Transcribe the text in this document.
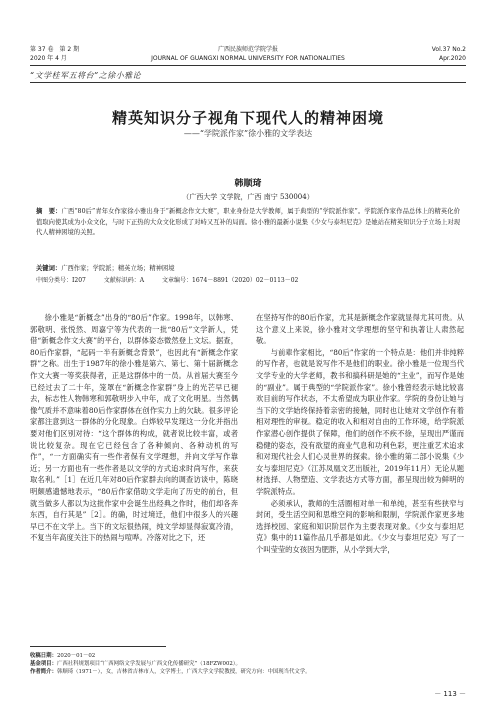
第 37 卷　第 2 期	广西民族师范学院学报	Vol.37 No.2
2020 年 4 月	JOURNAL OF GUANGXI NORMAL UNIVERSITY FOR NATIONALITIES	Apr.2020
“文学桂军五将台”之徐小雅论
精英知识分子视角下现代人的精神困境
——“学院派作家”徐小雅的文学表达
韩顺琦
（广西大学 文学院，广西 南宁 530004）
摘　要：广西“80后”青年女作家徐小雅出身于“新概念作文大赛”，职业身份是大学教师，属于典型的“学院派作家”。学院派作家作品总体上的精英化价值取向使其成为小众文化，与时下正热的大众文化形成了对峙又互补的局面。徐小雅的最新小说集《少女与泰坦尼克》是她站在精英知识分子立场上对现代人精神困境的关照。
关键词：广西作家；学院派；精英立场；精神困境
中图分类号：I207	文献标识码：A	文章编号：1674－8891（2020）02－0113－02

徐小雅是“新概念”出身的“80后”作家。1998年，以韩寒、郭敬明、张悦然、周嘉宁等为代表的一批“80后”文学新人，凭借“新概念作文大赛”的平台，以群体姿态微然登上文坛。据查，80后作家群，“起码一半有新概念背景”，也因此有“新概念作家群”之称。出生于1987年的徐小雅是第六、第七、第十届新概念作文大赛一等奖获得者，正是这群体中的一员。从首届大赛至今已经过去了二十年，笼罩在“新概念作家群”身上的光芒早已褪去，标志性人物韩寒和郭敬明步入中年，成了文化明星。当然偶像气质并不意味着80后作家群体在创作实力上的欠缺。很多评论家都注意到这一群体的分化现象。白烨较早发现这一分化并指出要对他们区别对待：“这个群体的构成，就者说比较丰富，或者说比较复杂。现在它已经包含了各种倾向、各种动机的写作”，“一方面确实有一些作者保有文学理想，并向文学写作靠近；另一方面也有一些作者是以文学的方式追求时尚写作，来获取名利。”［1］在近几年对80后作家群去向的调查访谈中，陈晓明颇感遗憾地表示，“80后作家借助文学走向了历史的前台，但就当做多人都以为这批作家中会诞生出经典之作时，他们却各奔东西，自行其是”［2］。的确，时过境迁，他们中很多人的兴趣早已不在文学上。当下的文坛很热闹，纯文学却显得寂寞冷清，不复当年高度关注下的热闹与喧哗。冷落对比之下，还

在坚持写作的80后作家，尤其是新概念作家就显得尤其可贵。从这个意义上来说，徐小雅对文学理想的坚守和执著让人肃然起敬。

与前辈作家相比，“80后”作家的一个特点是：他们并非纯粹的写作者，也就是说写作不是他们的职业。徐小雅是一位现当代文学专业的大学老师，教书和搞科研是她的“主业”，而写作是她的“副业”。属于典型的“学院派作家”。徐小雅曾经表示她比较喜欢目前的写作状态，不太希望成为职业作家。学院的身份让她与当下的文学始终保持着亲密的接触，同时也让她对文学创作有着相对理性的审视。稳定的收入和相对自由的工作环境，给学院派作家潜心创作提供了保障，他们的创作不疾不徐，呈现出严谨而稳健的姿态，没有欲望的商业气息和功利色彩，更注重艺术追求和对现代社会人们心灵世界的探索。徐小雅的第二部小说集《少女与泰坦尼克》（江苏凤凰文艺出版社，2019年11月）无论从题材选择、人物塑造、文学表达方式等方面，都呈现出较为鲜明的学院派特点。

必须承认，教师的生活圈相对单一和单纯，甚至有些狭窄与封闭，受生活空间和思维空间的影响和限制，学院派作家更多地选择校园、家庭和知识阶层作为主要表现对象。《少女与泰坦尼克》集中的11篇作品几乎都是如此。《少女与泰坦尼克》写了一个叫莹莹的女孩因为肥胖，从小学到大学，

收稿日期：2020－01－02
基金项目：广西社科规划项目“广西网络文学发展与广西文化传播研究”（18FZW002）。
作者简介：韩顺琦（1971－），女，吉林省吉林市人，文学博士，广西大学文学院教授，研究方向：中国现当代文学。
－ 113 －
